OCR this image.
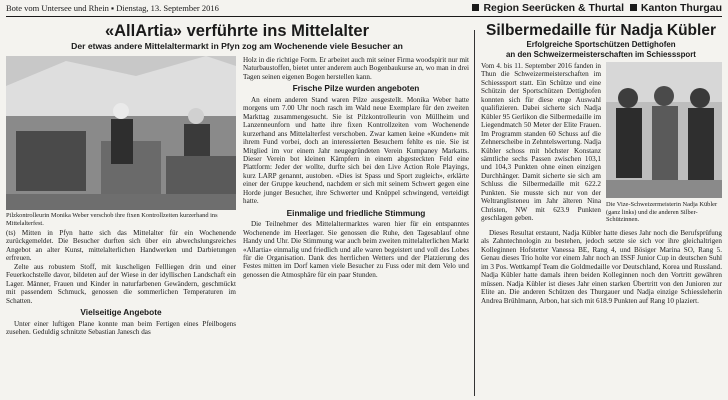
Bote vom Untersee und Rhein ▪ Dienstag, 13. September 2016	Region Seerücken & Thurtal Kanton Thurgau
«AllArtia» verführte ins Mittelalter
Der etwas andere Mittelaltermarkt in Pfyn zog am Wochenende viele Besucher an
Pilzkontrolleurin Monika Weber verschob ihre fixen Kontrollzeiten kurzerhand ins Mittelalterfest.

(ts) Mitten in Pfyn hatte sich das Mittelalter für ein Wochenende zurückgemeldet. Die Besucher durften sich über ein abwechslungsreiches Angebot an alter Kunst, mittelalterlichen Handwerken und Darbietungen erfreuen.

Zelte aus robustem Stoff, mit kuscheligen Fellliegen drin und einer Feuerkochstelle davor, bildeten auf der Wiese in der idyllischen Landschaft ein Lager. Männer, Frauen und Kinder in naturfarbenen Gewändern, geschmückt mit passendem Schmuck, genossen die sommerlichen Temperaturen im Schatten.

Vielseitige Angebote

Unter einer luftigen Plane konnte man beim Fertigen eines Pfeilbogens zusehen. Geduldig schnitzte Sebastian Janesch das

Holz in die richtige Form. Er arbeitet auch mit seiner Firma woodspirit nur mit Naturbaustoffen, bietet unter anderem auch Bogenbaukurse an, wo man in drei Tagen seinen eigenen Bogen herstellen kann.

Frische Pilze wurden angeboten

An einem anderen Stand waren Pilze ausgestellt. Monika Weber hatte morgens um 7.00 Uhr noch rasch im Wald neue Exemplare für den zweiten Markttag zusammengesucht. Sie ist Pilzkontrolleurin von Müllheim und Lanzenneunforn und hatte ihre fixen Kontrollzeiten vom Wochenende kurzerhand ans Mittelalterfest verschoben. Zwar kamen keine «Kunden» mit ihrem Fund vorbei, doch an interessierten Besuchern fehlte es nie. Sie ist Mitglied im vor einem Jahr neugegründeten Verein Kumpaney Markatts. Dieser Verein bot kleinen Kämpfern in einem abgesteckten Feld eine Plattform: Jeder der wollte, durfte sich bei den Live Action Role Playings, kurz LARP genannt, austoben. «Dies ist Spass und Sport zugleich», erklärte einer der Gruppe keuchend, nachdem er sich mit seinem Schwert gegen eine Horde junger Besucher, ihre Schwerter und Knüppel schwingend, verteidigt hatte.

Einmalige und friedliche Stimmung

Die Teilnehmer des Mittelaltermarktes waren hier für ein entspanntes Wochenende im Heerlager. Sie genossen die Ruhe, den Tagesablauf ohne Handy und Uhr. Die Stimmung war auch beim zweiten mittelalterlichen Markt «Allartia» einmalig und friedlich und alle waren begeistert und voll des Lobes für die Organisation. Dank des herrlichen Wetters und der Platzierung des Festes mitten im Dorf kamen viele Besucher zu Fuss oder mit dem Velo und genossen die Atmosphäre für ein paar Stunden.

Silbermedaille für Nadja Kübler
Erfolgreiche Sportschützen Dettighofen
an den Schweizermeisterschaften im Schiesssport
Die Vize-Schweizermeisterin Nadja Kübler (ganz links) und die anderen Silber-Schützinnen.

Vom 4. bis 11. September 2016 fanden in Thun die Schweizermeisterschaften im Schiesssport statt. Ein Schütze und eine Schützin der Sportschützen Dettighofen konnten sich für diese enge Auswahl qualifizieren. Dabei sicherte sich Nadja Kübler 95 Gerlikon die Silbermedaille im Liegendmatch 50 Meter der Elite Frauen. Im Programm standen 60 Schuss auf die Zehnerscheibe in Zehntelswertung. Nadja Kübler schoss mit höchster Konstanz sämtliche sechs Passen zwischen 103,1 und 104,3 Punkten ohne einen einzigen Durchhänger. Damit sicherte sie sich am Schluss die Silbermedaille mit 622.2 Punkten. Sie musste sich nur von der Weltranglisteneu im Jahr älteren Nina Christen, NW mit 623.9 Punkten geschlagen geben.

Dieses Resultat erstaunt, Nadja Kübler hatte dieses Jahr noch die Berufsprüfung als Zahntechnologin zu bestehen, jedoch setzte sie sich vor ihre gleichaltrigen Kolleginnen Hofstetter Vanessa BE, Rang 4, und Bösiger Marina SO, Rang 5. Genau dieses Trio holte vor einem Jahr noch an ISSF Junior Cup in deutschen Suhl im 3 Pos. Wettkampf Team die Goldmedaille vor Deutschland, Korea und Russland. Nadja Kübler hatte damals ihren beiden Kolleginnen noch den Vortritt gewähren müssen. Nadja Kübler ist dieses Jahr einen starken Übertritt von den Junioren zur Elite an. Die anderen Schützen des Thurgauer und Nadja einzige Schiessleherin Andrea Brühlmann, Arbon, hat sich mit 618.9 Punkten auf Rang 10 plaziert.
